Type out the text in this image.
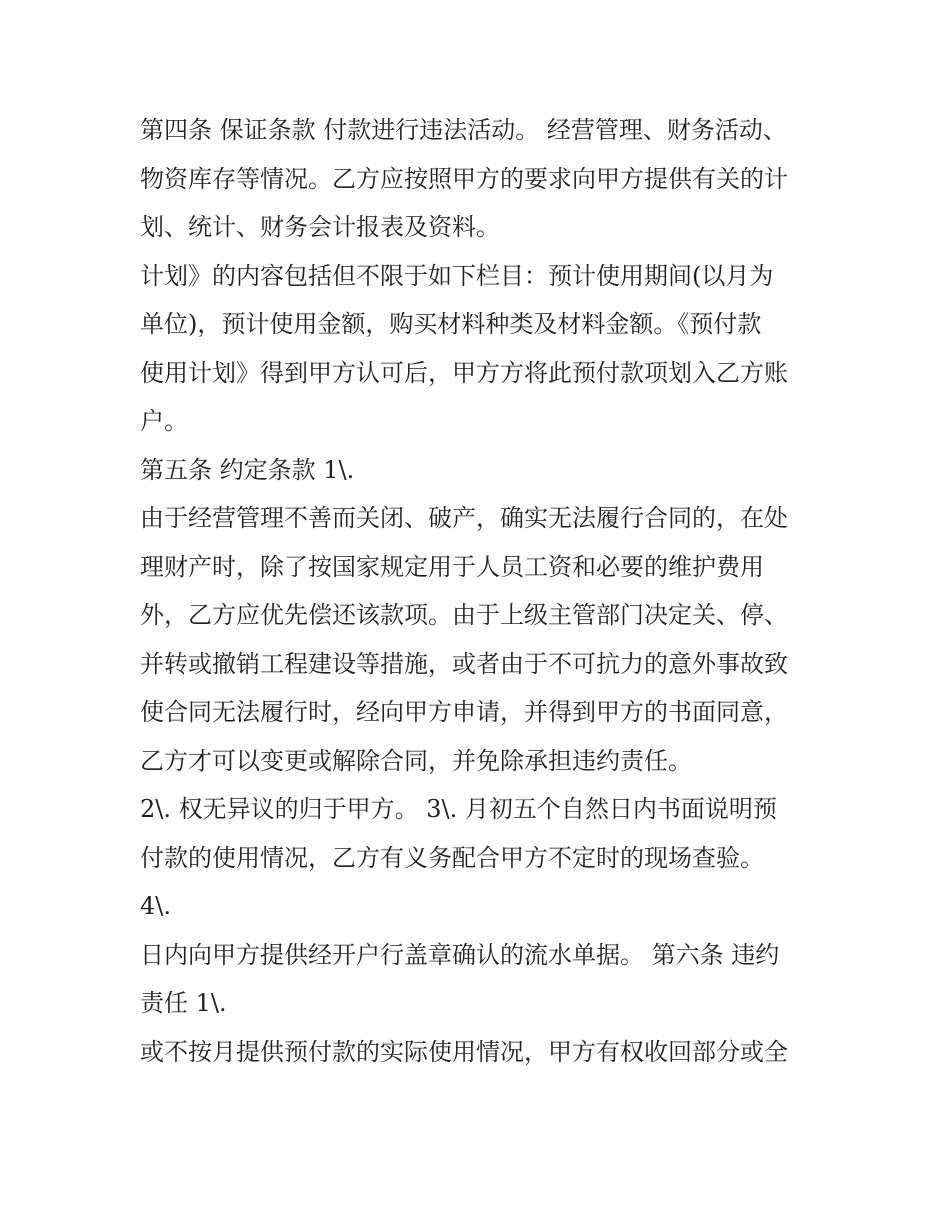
第四条 保证条款 付款进行违法活动。 经营管理、财务活动、
物资库存等情况。乙方应按照甲方的要求向甲方提供有关的计
划、统计、财务会计报表及资料。
计划》的内容包括但不限于如下栏目：预计使用期间(以月为
单位)，预计使用金额，购买材料种类及材料金额。《预付款
使用计划》得到甲方认可后，甲方方将此预付款项划入乙方账
户。
第五条 约定条款 1\.
由于经营管理不善而关闭、破产，确实无法履行合同的，在处
理财产时，除了按国家规定用于人员工资和必要的维护费用
外，乙方应优先偿还该款项。由于上级主管部门决定关、停、
并转或撤销工程建设等措施，或者由于不可抗力的意外事故致
使合同无法履行时，经向甲方申请，并得到甲方的书面同意，
乙方才可以变更或解除合同，并免除承担违约责任。
2\. 权无异议的归于甲方。 3\. 月初五个自然日内书面说明预
付款的使用情况，乙方有义务配合甲方不定时的现场查验。
4\.
日内向甲方提供经开户行盖章确认的流水单据。 第六条 违约
责任 1\.
或不按月提供预付款的实际使用情况，甲方有权收回部分或全
